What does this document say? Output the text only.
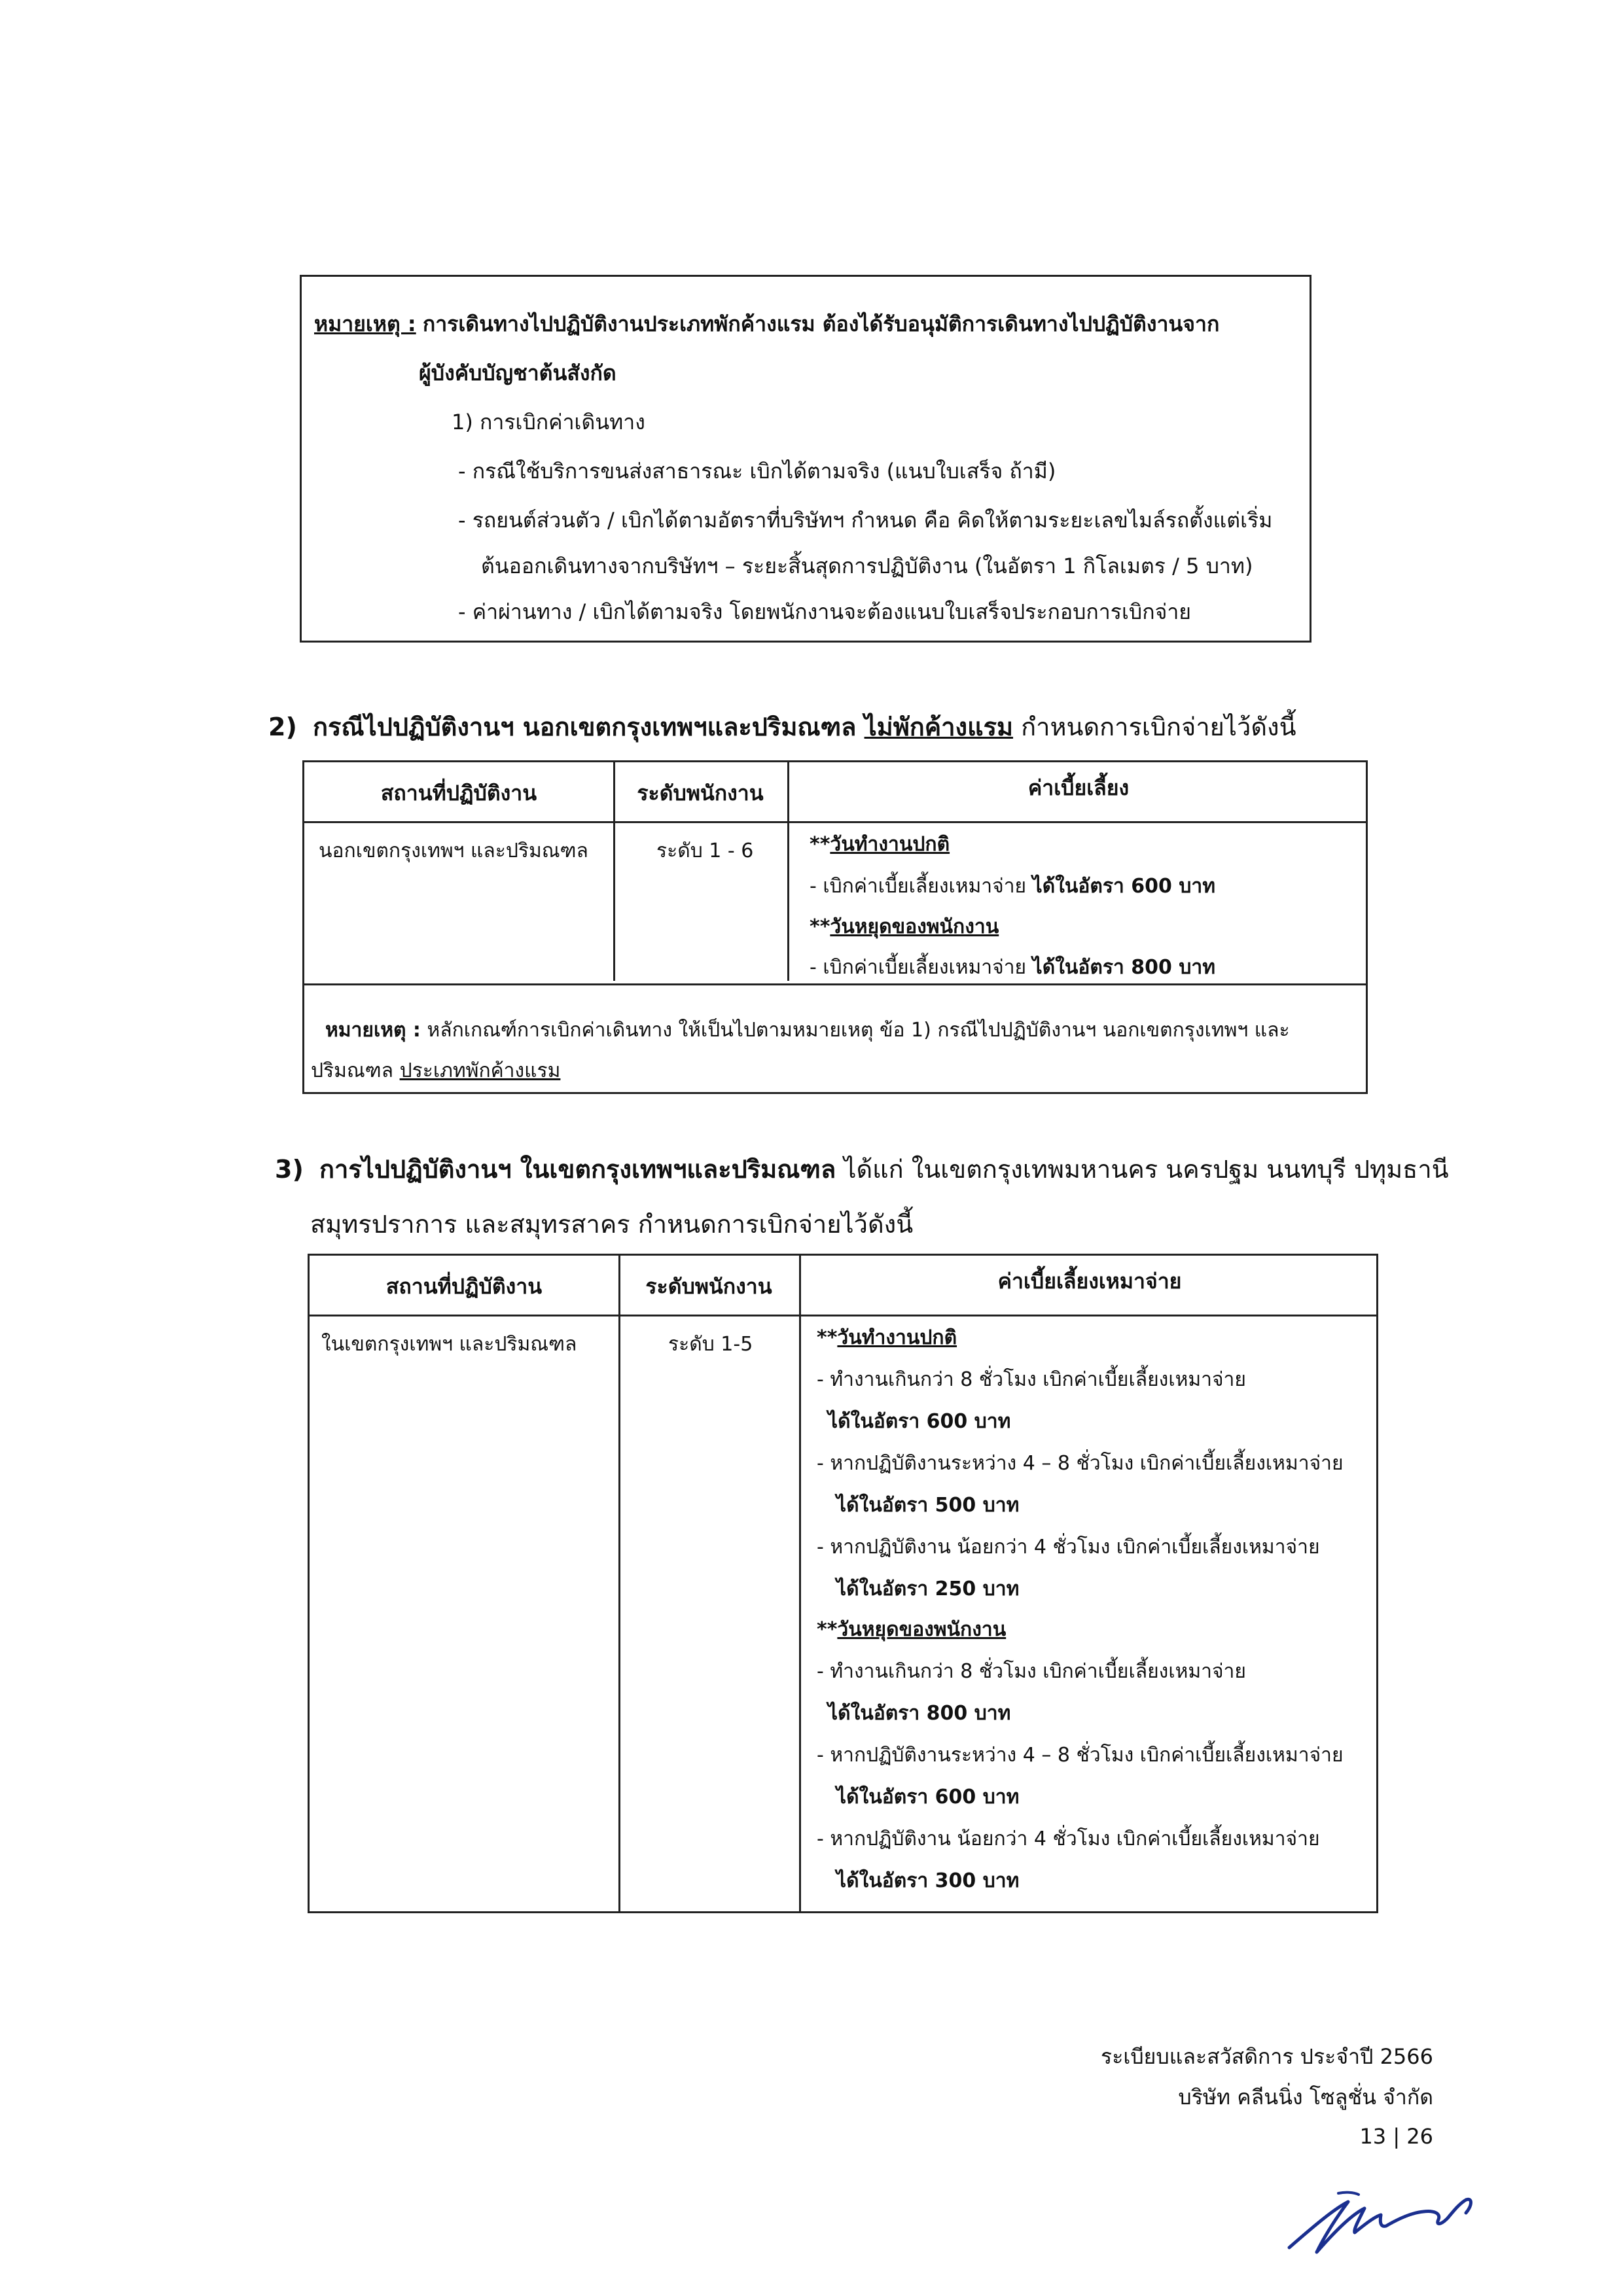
หมายเหตุ : การเดินทางไปปฏิบัติงานประเภทพักค้างแรม ต้องได้รับอนุมัติการเดินทางไปปฏิบัติงานจาก
ผู้บังคับบัญชาต้นสังกัด
1) การเบิกค่าเดินทาง
- กรณีใช้บริการขนส่งสาธารณะ เบิกได้ตามจริง (แนบใบเสร็จ ถ้ามี)
- รถยนต์ส่วนตัว / เบิกได้ตามอัตราที่บริษัทฯ กำหนด คือ คิดให้ตามระยะเลขไมล์รถตั้งแต่เริ่ม
ต้นออกเดินทางจากบริษัทฯ – ระยะสิ้นสุดการปฏิบัติงาน (ในอัตรา 1 กิโลเมตร / 5 บาท)
- ค่าผ่านทาง / เบิกได้ตามจริง โดยพนักงานจะต้องแนบใบเสร็จประกอบการเบิกจ่าย
2) กรณีไปปฏิบัติงานฯ นอกเขตกรุงเทพฯและปริมณฑล ไม่พักค้างแรม กำหนดการเบิกจ่ายไว้ดังนี้
สถานที่ปฏิบัติงาน	ระดับพนักงาน	ค่าเบี้ยเลี้ยง
นอกเขตกรุงเทพฯ และปริมณฑล	ระดับ 1 - 6	**วันทำงานปกติ
- เบิกค่าเบี้ยเลี้ยงเหมาจ่าย ได้ในอัตรา 600 บาท
**วันหยุดของพนักงาน
- เบิกค่าเบี้ยเลี้ยงเหมาจ่าย ได้ในอัตรา 800 บาท
หมายเหตุ : หลักเกณฑ์การเบิกค่าเดินทาง ให้เป็นไปตามหมายเหตุ ข้อ 1) กรณีไปปฏิบัติงานฯ นอกเขตกรุงเทพฯ และ
ปริมณฑล ประเภทพักค้างแรม
3) การไปปฏิบัติงานฯ ในเขตกรุงเทพฯและปริมณฑล ได้แก่ ในเขตกรุงเทพมหานคร นครปฐม นนทบุรี ปทุมธานี
สมุทรปราการ และสมุทรสาคร กำหนดการเบิกจ่ายไว้ดังนี้
สถานที่ปฏิบัติงาน	ระดับพนักงาน	ค่าเบี้ยเลี้ยงเหมาจ่าย
ในเขตกรุงเทพฯ และปริมณฑล	ระดับ 1-5	**วันทำงานปกติ
- ทำงานเกินกว่า 8 ชั่วโมง เบิกค่าเบี้ยเลี้ยงเหมาจ่าย
ได้ในอัตรา 600 บาท
- หากปฏิบัติงานระหว่าง 4 – 8 ชั่วโมง เบิกค่าเบี้ยเลี้ยงเหมาจ่าย
ได้ในอัตรา 500 บาท
- หากปฏิบัติงาน น้อยกว่า 4 ชั่วโมง เบิกค่าเบี้ยเลี้ยงเหมาจ่าย
ได้ในอัตรา 250 บาท
**วันหยุดของพนักงาน
- ทำงานเกินกว่า 8 ชั่วโมง เบิกค่าเบี้ยเลี้ยงเหมาจ่าย
ได้ในอัตรา 800 บาท
- หากปฏิบัติงานระหว่าง 4 – 8 ชั่วโมง เบิกค่าเบี้ยเลี้ยงเหมาจ่าย
ได้ในอัตรา 600 บาท
- หากปฏิบัติงาน น้อยกว่า 4 ชั่วโมง เบิกค่าเบี้ยเลี้ยงเหมาจ่าย
ได้ในอัตรา 300 บาท
ระเบียบและสวัสดิการ ประจำปี 2566
บริษัท คลีนนิ่ง โซลูชั่น จำกัด
13 | 26
